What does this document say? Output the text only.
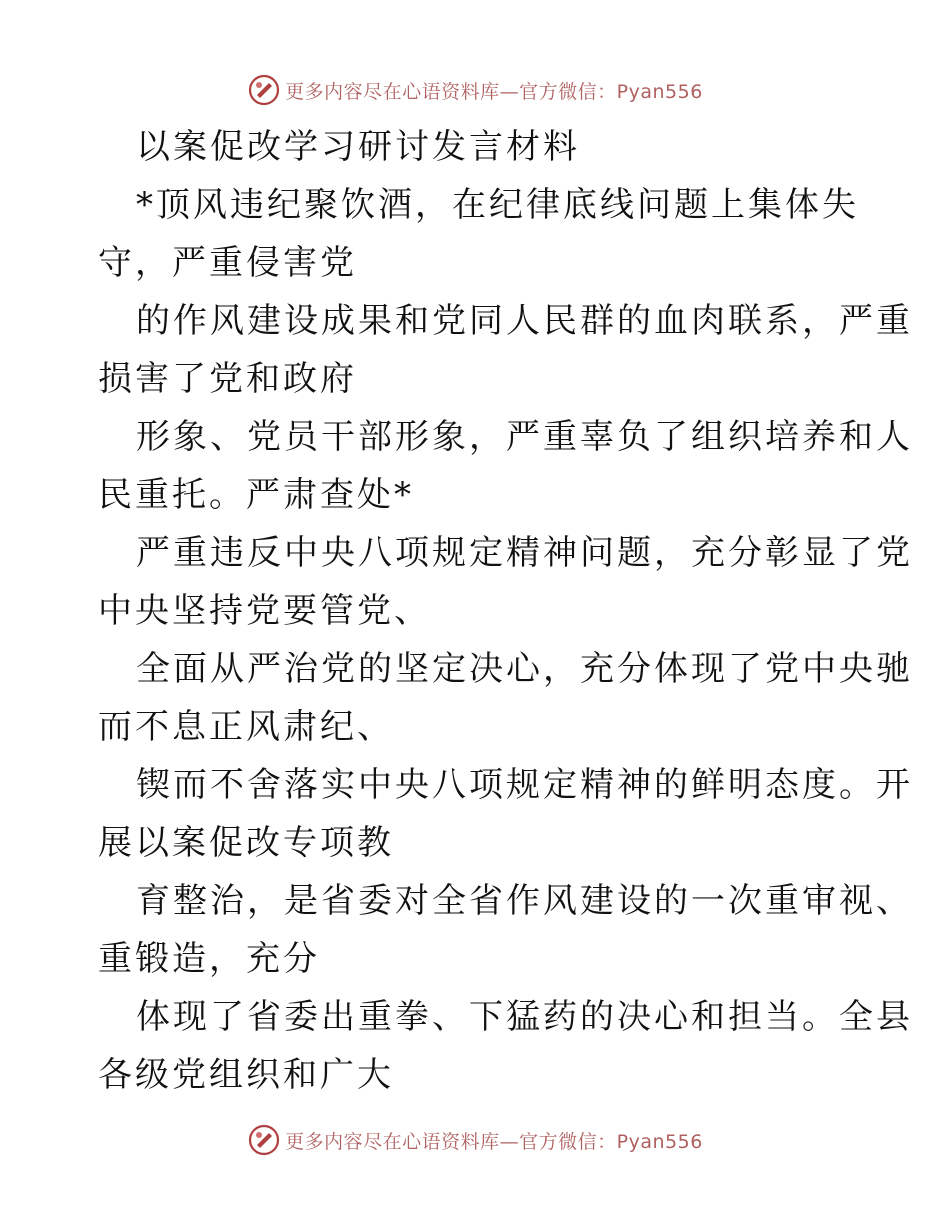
更多内容尽在心语资料库—官方微信：Pyan556
以案促改学习研讨发言材料
*顶风违纪聚饮酒，在纪律底线问题上集体失
守，严重侵害党
的作风建设成果和党同人民群的血肉联系，严重
损害了党和政府
形象、党员干部形象，严重辜负了组织培养和人
民重托。严肃查处*
严重违反中央八项规定精神问题，充分彰显了党
中央坚持党要管党、
全面从严治党的坚定决心，充分体现了党中央驰
而不息正风肃纪、
锲而不舍落实中央八项规定精神的鲜明态度。开
展以案促改专项教
育整治，是省委对全省作风建设的一次重审视、
重锻造，充分
体现了省委出重拳、下猛药的决心和担当。全县
各级党组织和广大
更多内容尽在心语资料库—官方微信：Pyan556
